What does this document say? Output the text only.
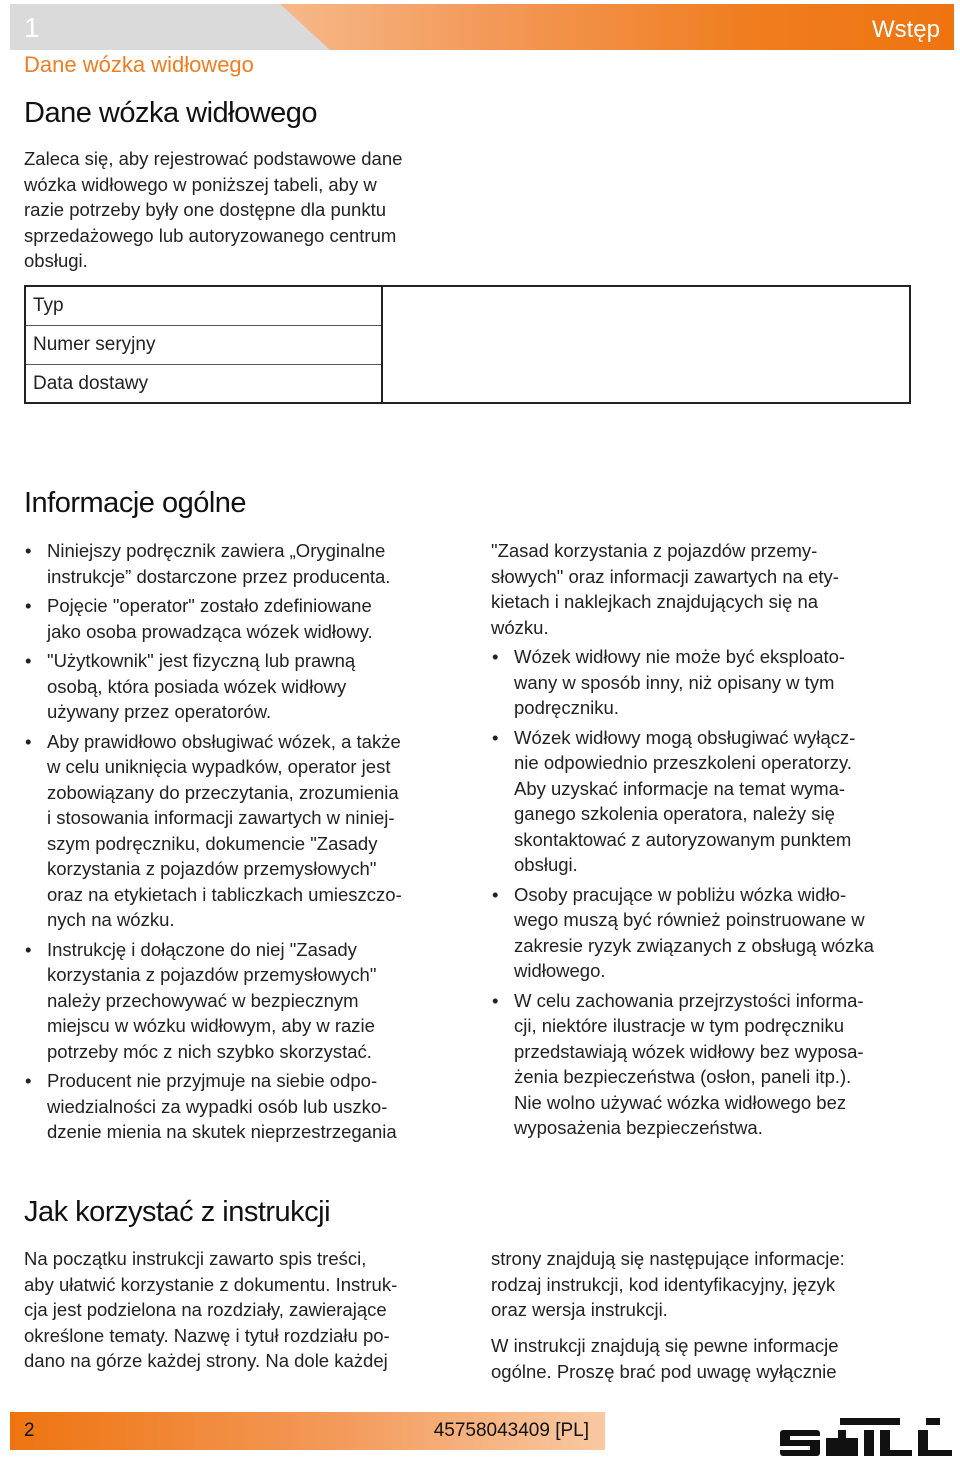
1	Wstęp
Dane wózka widłowego
Dane wózka widłowego

Zaleca się, aby rejestrować podstawowe dane
wózka widłowego w poniższej tabeli, aby w
razie potrzeby były one dostępne dla punktu
sprzedażowego lub autoryzowanego centrum
obsługi.

Typ
Numer seryjny
Data dostawy
Informacje ogólne
• Niniejszy podręcznik zawiera „Oryginalne
instrukcje” dostarczone przez producenta.
• Pojęcie "operator" zostało zdefiniowane
jako osoba prowadząca wózek widłowy.
• "Użytkownik" jest fizyczną lub prawną
osobą, która posiada wózek widłowy
używany przez operatorów.
• Aby prawidłowo obsługiwać wózek, a także
w celu uniknięcia wypadków, operator jest
zobowiązany do przeczytania, zrozumienia
i stosowania informacji zawartych w niniej-
szym podręczniku, dokumencie "Zasady
korzystania z pojazdów przemysłowych"
oraz na etykietach i tabliczkach umieszczo-
nych na wózku.
• Instrukcję i dołączone do niej "Zasady
korzystania z pojazdów przemysłowych"
należy przechowywać w bezpiecznym
miejscu w wózku widłowym, aby w razie
potrzeby móc z nich szybko skorzystać.
• Producent nie przyjmuje na siebie odpo-
wiedzialności za wypadki osób lub uszko-
dzenie mienia na skutek nieprzestrzegania
"Zasad korzystania z pojazdów przemy-
słowych" oraz informacji zawartych na ety-
kietach i naklejkach znajdujących się na
wózku.
• Wózek widłowy nie może być eksploato-
wany w sposób inny, niż opisany w tym
podręczniku.
• Wózek widłowy mogą obsługiwać wyłącz-
nie odpowiednio przeszkoleni operatorzy.
Aby uzyskać informacje na temat wyma-
ganego szkolenia operatora, należy się
skontaktować z autoryzowanym punktem
obsługi.
• Osoby pracujące w pobliżu wózka widło-
wego muszą być również poinstruowane w
zakresie ryzyk związanych z obsługą wózka
widłowego.
• W celu zachowania przejrzystości informa-
cji, niektóre ilustracje w tym podręczniku
przedstawiają wózek widłowy bez wyposa-
żenia bezpieczeństwa (osłon, paneli itp.).
Nie wolno używać wózka widłowego bez
wyposażenia bezpieczeństwa.
Jak korzystać z instrukcji

Na początku instrukcji zawarto spis treści,
aby ułatwić korzystanie z dokumentu. Instruk-
cja jest podzielona na rozdziały, zawierające
określone tematy. Nazwę i tytuł rozdziału po-
dano na górze każdej strony. Na dole każdej

strony znajdują się następujące informacje:
rodzaj instrukcji, kod identyfikacyjny, język
oraz wersja instrukcji.

W instrukcji znajdują się pewne informacje
ogólne. Proszę brać pod uwagę wyłącznie

2	45758043409 [PL]
